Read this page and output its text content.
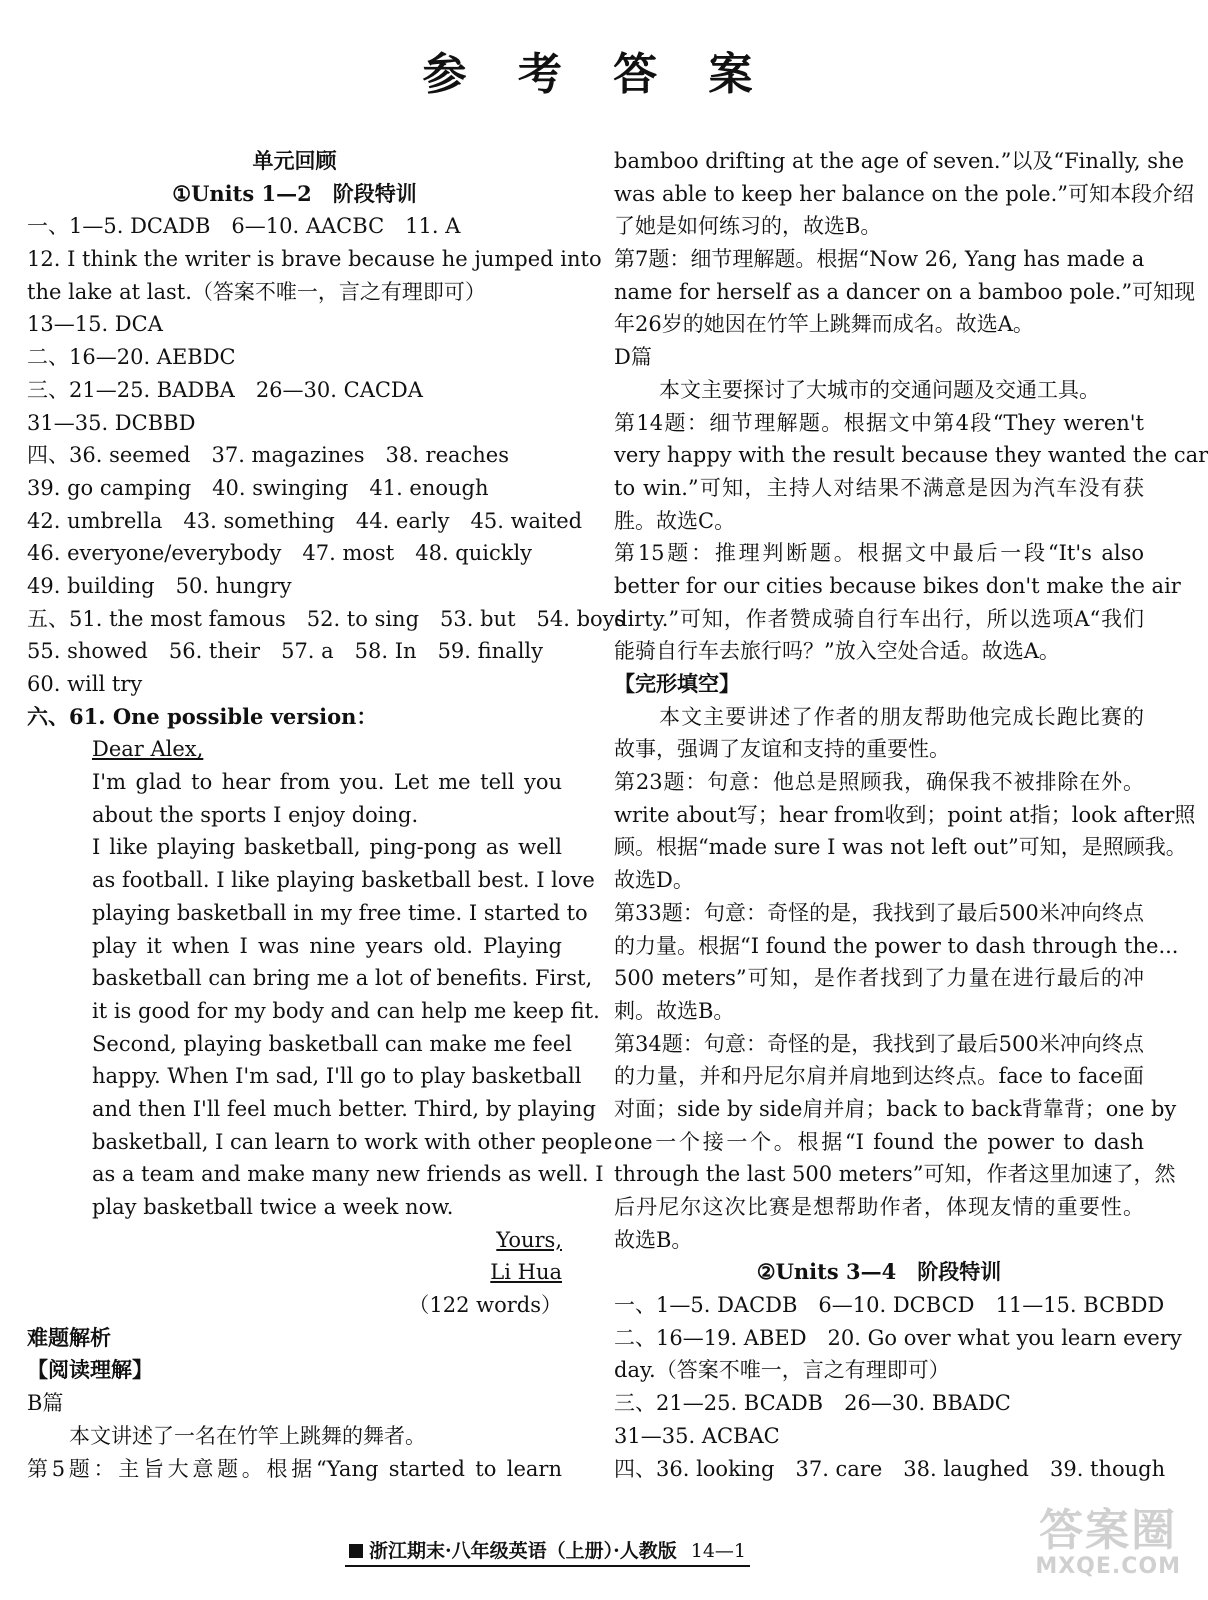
参 考 答 案
单元回顾
①Units 1—2　阶段特训
一、1—5. DCADB　6—10. AACBC　11. A
12. I think the writer is brave because he jumped into
the lake at last.（答案不唯一，言之有理即可）
13—15. DCA
二、16—20. AEBDC
三、21—25. BADBA　26—30. CACDA
31—35. DCBBD
四、36. seemed　37. magazines　38. reaches
39. go camping　40. swinging　41. enough
42. umbrella　43. something　44. early　45. waited
46. everyone/everybody　47. most　48. quickly
49. building　50. hungry
五、51. the most famous　52. to sing　53. but　54. boys
55. showed　56. their　57. a　58. In　59. finally
60. will try
六、61. One possible version：
Dear Alex,
I'm glad to hear from you. Let me tell you
about the sports I enjoy doing.
I like playing basketball, ping-pong as well
as football. I like playing basketball best. I love
playing basketball in my free time. I started to
play it when I was nine years old. Playing
basketball can bring me a lot of benefits. First,
it is good for my body and can help me keep fit.
Second, playing basketball can make me feel
happy. When I'm sad, I'll go to play basketball
and then I'll feel much better. Third, by playing
basketball, I can learn to work with other people
as a team and make many new friends as well. I
play basketball twice a week now.
Yours,
Li Hua
（122 words）
难题解析
【阅读理解】
B篇
本文讲述了一名在竹竿上跳舞的舞者。
第5题：主旨大意题。根据“Yang started to learn
bamboo drifting at the age of seven.”以及“Finally, she
was able to keep her balance on the pole.”可知本段介绍
了她是如何练习的，故选B。
第7题：细节理解题。根据“Now 26, Yang has made a
name for herself as a dancer on a bamboo pole.”可知现
年26岁的她因在竹竿上跳舞而成名。故选A。
D篇
本文主要探讨了大城市的交通问题及交通工具。
第14题：细节理解题。根据文中第4段“They weren't
very happy with the result because they wanted the car
to win.”可知，主持人对结果不满意是因为汽车没有获
胜。故选C。
第15题：推理判断题。根据文中最后一段“It's also
better for our cities because bikes don't make the air
dirty.”可知，作者赞成骑自行车出行，所以选项A“我们
能骑自行车去旅行吗？”放入空处合适。故选A。
【完形填空】
本文主要讲述了作者的朋友帮助他完成长跑比赛的
故事，强调了友谊和支持的重要性。
第23题：句意：他总是照顾我，确保我不被排除在外。
write about写；hear from收到；point at指；look after照
顾。根据“made sure I was not left out”可知，是照顾我。
故选D。
第33题：句意：奇怪的是，我找到了最后500米冲向终点
的力量。根据“I found the power to dash through the...
500 meters”可知，是作者找到了力量在进行最后的冲
刺。故选B。
第34题：句意：奇怪的是，我找到了最后500米冲向终点
的力量，并和丹尼尔肩并肩地到达终点。face to face面
对面；side by side肩并肩；back to back背靠背；one by
one一个接一个。根据“I found the power to dash
through the last 500 meters”可知，作者这里加速了，然
后丹尼尔这次比赛是想帮助作者，体现友情的重要性。
故选B。
②Units 3—4　阶段特训
一、1—5. DACDB　6—10. DCBCD　11—15. BCBDD
二、16—19. ABED　20. Go over what you learn every
day.（答案不唯一，言之有理即可）
三、21—25. BCADB　26—30. BBADC
31—35. ACBAC
四、36. looking　37. care　38. laughed　39. though
浙江期末·八年级英语（上册）·人教版 14—1	答案圈
MXQE.COM
